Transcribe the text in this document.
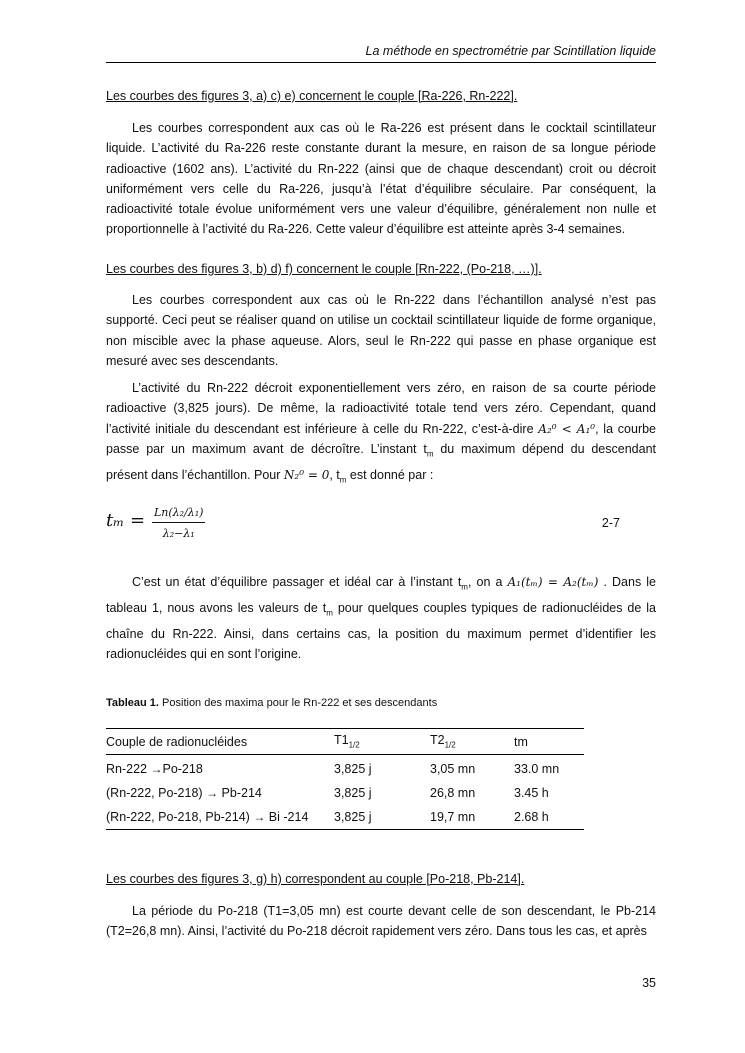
La méthode en spectrométrie par Scintillation liquide
Les courbes des figures 3, a) c) e) concernent le couple [Ra-226, Rn-222].

Les courbes correspondent aux cas où le Ra-226 est présent dans le cocktail scintillateur liquide. L’activité du Ra-226 reste constante durant la mesure, en raison de sa longue période radioactive (1602 ans). L’activité du Rn-222 (ainsi que de chaque descendant) croit ou décroit uniformément vers celle du Ra-226, jusqu’à l’état d’équilibre séculaire. Par conséquent, la radioactivité totale évolue uniformément vers une valeur d’équilibre, généralement non nulle et proportionnelle à l’activité du Ra-226. Cette valeur d’équilibre est atteinte après 3-4 semaines.

Les courbes des figures 3, b) d) f) concernent le couple [Rn-222, (Po-218, …)].

Les courbes correspondent aux cas où le Rn-222 dans l’échantillon analysé n’est pas supporté. Ceci peut se réaliser quand on utilise un cocktail scintillateur liquide de forme organique, non miscible avec la phase aqueuse. Alors, seul le Rn-222 qui passe en phase organique est mesuré avec ses descendants.

L’activité du Rn-222 décroit exponentiellement vers zéro, en raison de sa courte période radioactive (3,825 jours). De même, la radioactivité totale tend vers zéro. Cependant, quand l’activité initiale du descendant est inférieure à celle du Rn-222, c’est-à-dire A₂⁰ < A₁⁰, la courbe passe par un maximum avant de décroître. L’instant $t_m$ du maximum dépend du descendant présent dans l’échantillon. Pour N₂⁰ = 0, $t_m$ est donné par :

$t_m = \frac{\text{Ln(λ₂/λ₁)}}{\text{λ₂−λ₁}}$	2-7

C’est un état d’équilibre passager et idéal car à l’instant $t_m$, on a A₁(tₘ) = A₂(tₘ) . Dans le tableau 1, nous avons les valeurs de $t_m$ pour quelques couples typiques de radionucléides de la chaîne du Rn-222. Ainsi, dans certains cas, la position du maximum permet d’identifier les radionucléides qui en sont l’origine.

Tableau 1. Position des maxima pour le Rn-222 et ses descendants
Couple de radionucléides	$T1_{1/2}$	$T2_{1/2}$	tm
Rn-222 →Po-218	3,825 j	3,05 mn	33.0 mn
(Rn-222, Po-218) → Pb-214	3,825 j	26,8 mn	3.45 h
(Rn-222, Po-218, Pb-214) → Bi -214	3,825 j	19,7 mn	2.68 h
Les courbes des figures 3, g) h) correspondent au couple [Po-218, Pb-214].

La période du Po-218 (T1=3,05 mn) est courte devant celle de son descendant, le Pb-214 (T2=26,8 mn). Ainsi, l’activité du Po-218 décroit rapidement vers zéro. Dans tous les cas, et après

35
